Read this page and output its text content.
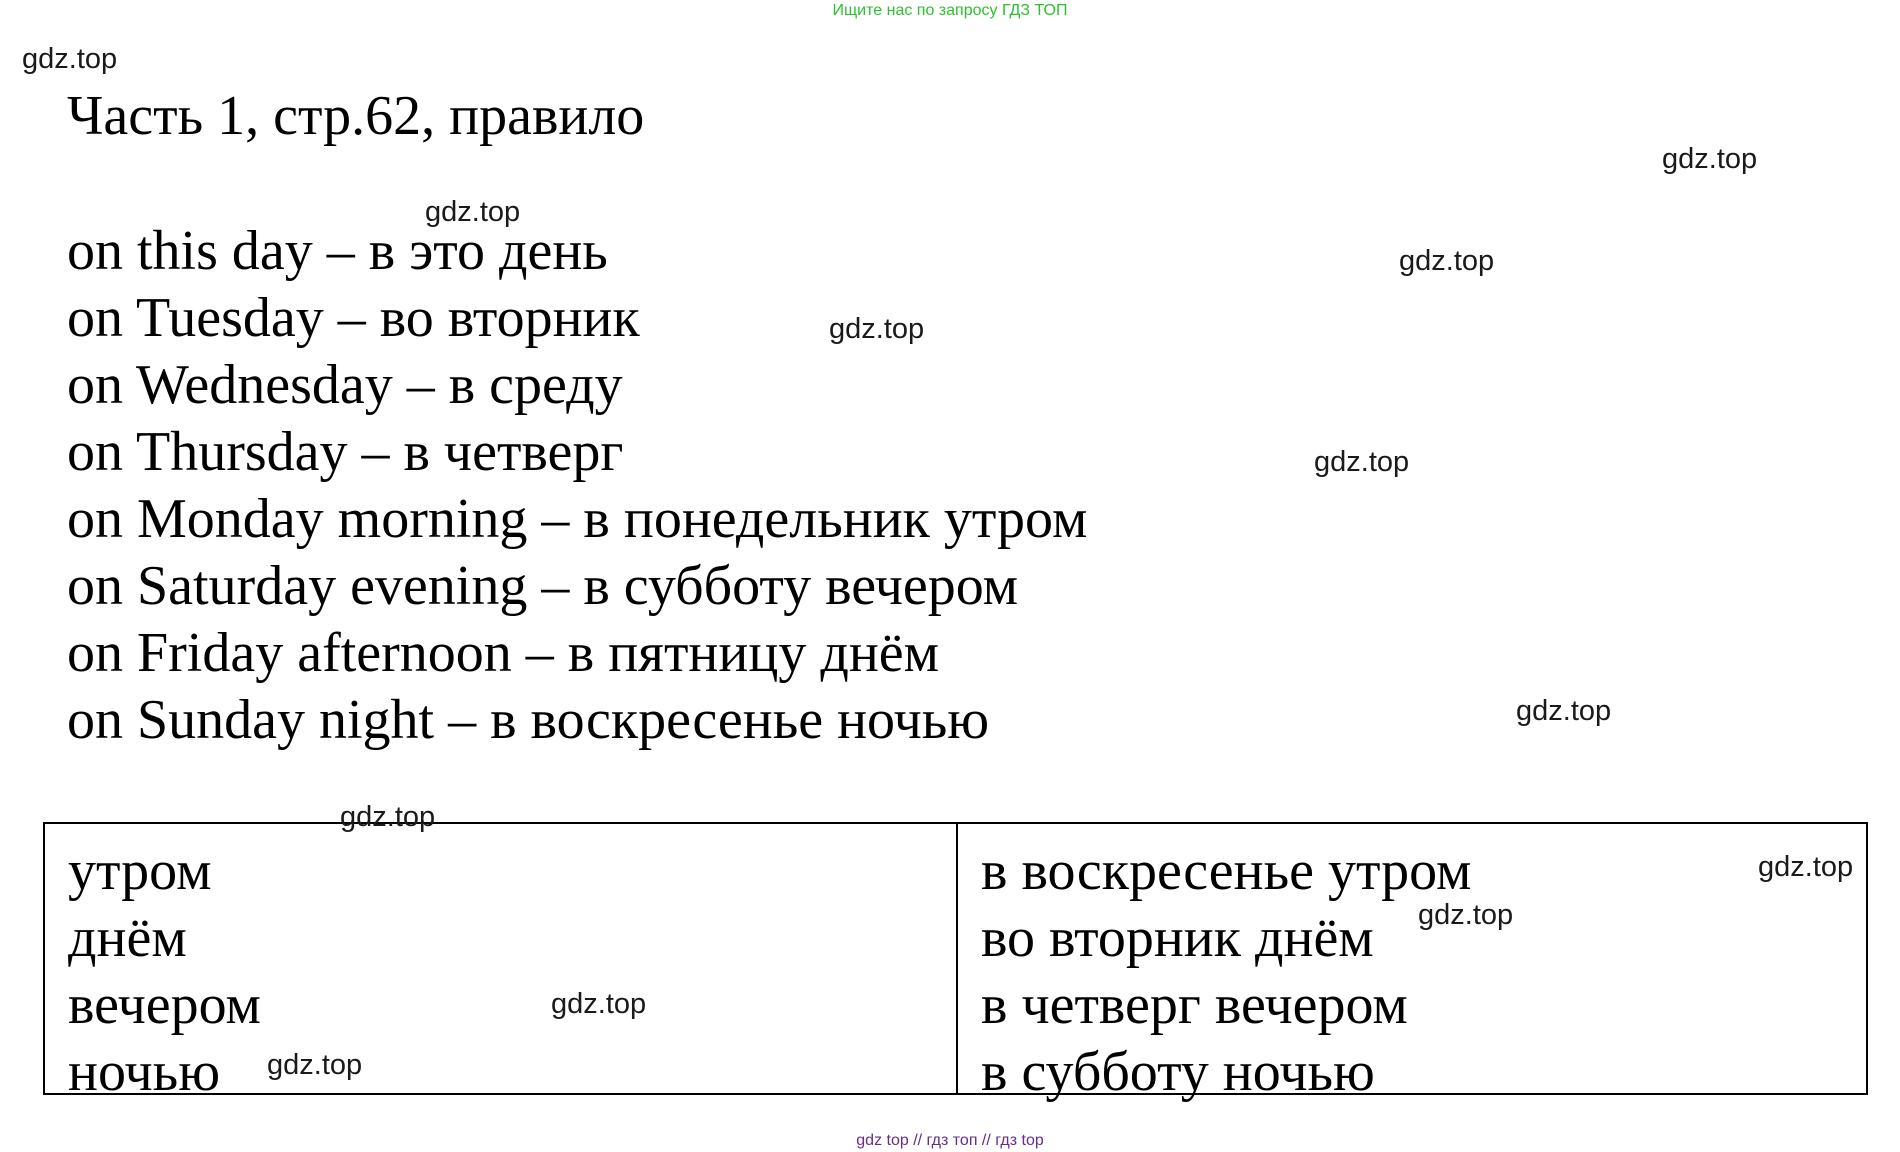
Ищите нас по запросу ГДЗ ТОП
Часть 1, стр.62, правило
on this day – в это день
on Tuesday – во вторник
on Wednesday – в среду
on Thursday – в четверг
on Monday morning – в понедельник утром
on Saturday evening – в субботу вечером
on Friday afternoon – в пятницу днём
on Sunday night – в воскресенье ночью
утром
днём
вечером
ночью
в воскресенье утром
во вторник днём
в четверг вечером
в субботу ночью
gdz.top
gdz.top
gdz.top
gdz.top
gdz.top
gdz.top
gdz.top
gdz.top
gdz.top
gdz.top
gdz.top
gdz.top
gdz top // гдз топ // гдз top
